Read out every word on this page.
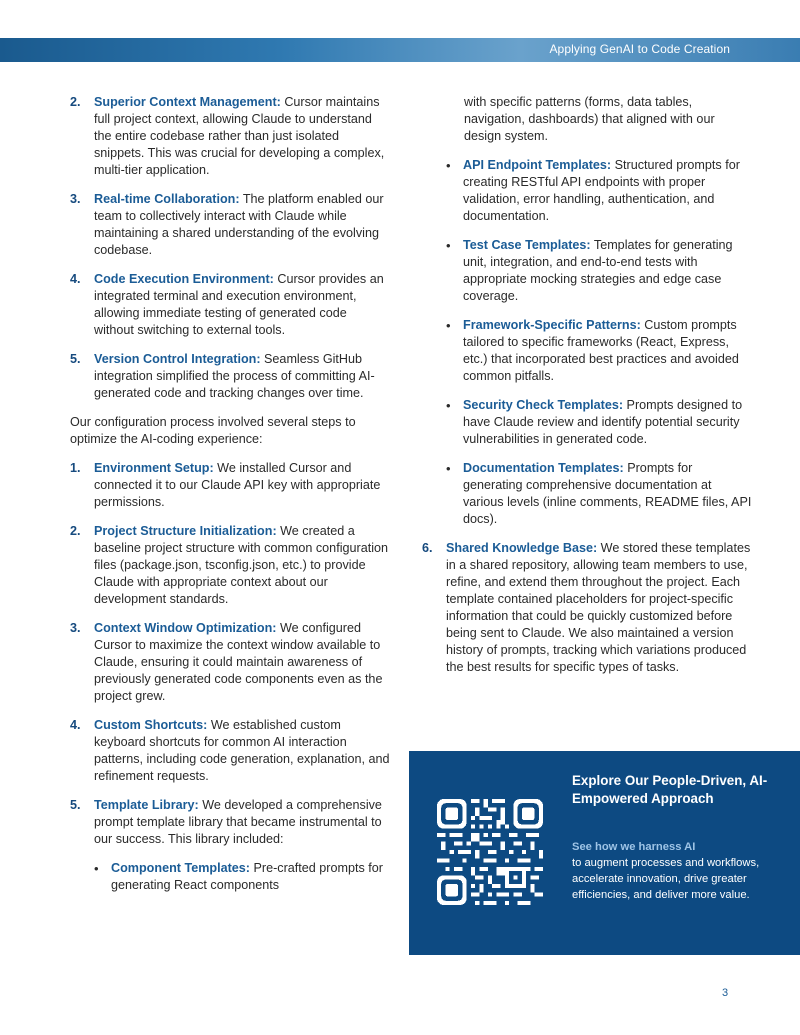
Applying GenAI to Code Creation
2. Superior Context Management: Cursor maintains full project context, allowing Claude to understand the entire codebase rather than just isolated snippets. This was crucial for developing a complex, multi-tier application.
3. Real-time Collaboration: The platform enabled our team to collectively interact with Claude while maintaining a shared understanding of the evolving codebase.
4. Code Execution Environment: Cursor provides an integrated terminal and execution environment, allowing immediate testing of generated code without switching to external tools.
5. Version Control Integration: Seamless GitHub integration simplified the process of committing AI-generated code and tracking changes over time.

Our configuration process involved several steps to optimize the AI-coding experience:

1. Environment Setup: We installed Cursor and connected it to our Claude API key with appropriate permissions.
2. Project Structure Initialization: We created a baseline project structure with common configuration files (package.json, tsconfig.json, etc.) to provide Claude with appropriate context about our development standards.
3. Context Window Optimization: We configured Cursor to maximize the context window available to Claude, ensuring it could maintain awareness of previously generated code components even as the project grew.
4. Custom Shortcuts: We established custom keyboard shortcuts for common AI interaction patterns, including code generation, explanation, and refinement requests.
5. Template Library: We developed a comprehensive prompt template library that became instrumental to our success. This library included:
• Component Templates: Pre-crafted prompts for generating React components
with specific patterns (forms, data tables, navigation, dashboards) that aligned with our design system.
• API Endpoint Templates: Structured prompts for creating RESTful API endpoints with proper validation, error handling, authentication, and documentation.
• Test Case Templates: Templates for generating unit, integration, and end-to-end tests with appropriate mocking strategies and edge case coverage.
• Framework-Specific Patterns: Custom prompts tailored to specific frameworks (React, Express, etc.) that incorporated best practices and avoided common pitfalls.
• Security Check Templates: Prompts designed to have Claude review and identify potential security vulnerabilities in generated code.
• Documentation Templates: Prompts for generating comprehensive documentation at various levels (inline comments, README files, API docs).
6. Shared Knowledge Base: We stored these templates in a shared repository, allowing team members to use, refine, and extend them throughout the project. Each template contained placeholders for project-specific information that could be quickly customized before being sent to Claude. We also maintained a version history of prompts, tracking which variations produced the best results for specific types of tasks.
Explore Our People-Driven, AI-Empowered Approach
See how we harness AI
to augment processes and workflows, accelerate innovation, drive greater efficiencies, and deliver more value.
3
